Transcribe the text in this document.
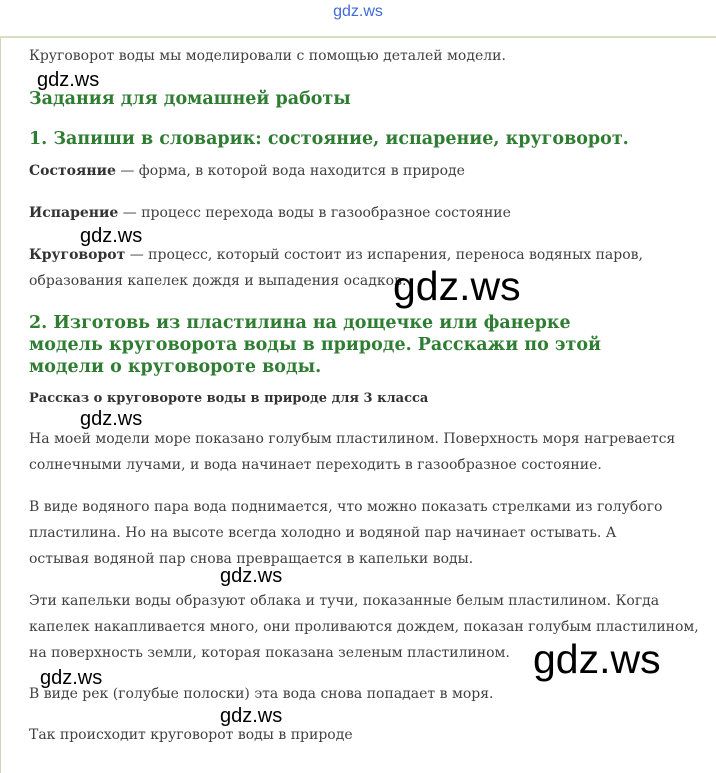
gdz.ws

Круговорот воды мы моделировали с помощью деталей модели.

Задания для домашней работы
1. Запиши в словарик: состояние, испарение, круговорот.

Состояние — форма, в которой вода находится в природе

Испарение — процесс перехода воды в газообразное состояние

Круговорот — процесс, который состоит из испарения, переноса водяных паров, образования капелек дождя и выпадения осадков.

2. Изготовь из пластилина на дощечке или фанерке модель круговорота воды в природе. Расскажи по этой модели о круговороте воды.

Рассказ о круговороте воды в природе для 3 класса

На моей модели море показано голубым пластилином. Поверхность моря нагревается солнечными лучами, и вода начинает переходить в газообразное состояние.

В виде водяного пара вода поднимается, что можно показать стрелками из голубого пластилина. Но на высоте всегда холодно и водяной пар начинает остывать. А остывая водяной пар снова превращается в капельки воды.

Эти капельки воды образуют облака и тучи, показанные белым пластилином. Когда капелек накапливается много, они проливаются дождем, показан голубым пластилином, на поверхность земли, которая показана зеленым пластилином.

В виде рек (голубые полоски) эта вода снова попадает в моря.

Так происходит круговорот воды в природе

gdz.ws
gdz.ws
gdz.ws
gdz.ws
gdz.ws
gdz.ws
gdz.ws
gdz.ws
